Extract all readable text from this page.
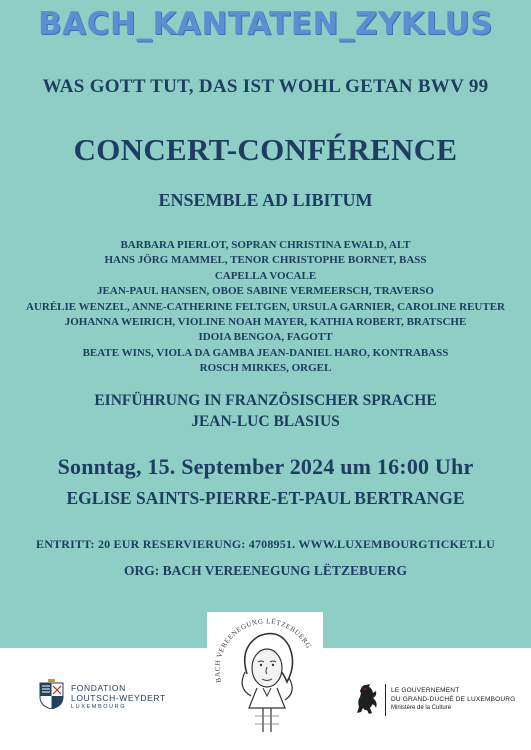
BACH_KANTATEN_ZYKLUS
WAS GOTT TUT, DAS IST WOHL GETAN BWV 99
CONCERT-CONFÉRENCE
ENSEMBLE AD LIBITUM
BARBARA PIERLOT, SOPRAN CHRISTINA EWALD, ALT
HANS JÖRG MAMMEL, TENOR CHRISTOPHE BORNET, BASS
CAPELLA VOCALE
JEAN-PAUL HANSEN, OBOE SABINE VERMEERSCH, TRAVERSO
AURÉLIE WENZEL, ANNE-CATHERINE FELTGEN, URSULA GARNIER, CAROLINE REUTER
JOHANNA WEIRICH, VIOLINE NOAH MAYER, KATHIA ROBERT, BRATSCHE
IDOIA BENGOA, FAGOTT
BEATE WINS, VIOLA DA GAMBA JEAN-DANIEL HARO, KONTRABASS
ROSCH MIRKES, ORGEL
EINFÜHRUNG IN FRANZÖSISCHER SPRACHE
JEAN-LUC BLASIUS
Sonntag, 15. September 2024 um 16:00 Uhr
EGLISE SAINTS-PIERRE-ET-PAUL BERTRANGE
ENTRITT: 20 EUR RESERVIERUNG: 4708951. WWW.LUXEMBOURGTICKET.LU
ORG: BACH VEREENEGUNG LËTZEBUERG
BACH VEREENEGUNG LËTZEBUERG
FONDATION
LOUTSCH-WEYDERT
LUXEMBOURG
LE GOUVERNEMENT
DU GRAND-DUCHÉ DE LUXEMBOURG
Ministère de la Culture
